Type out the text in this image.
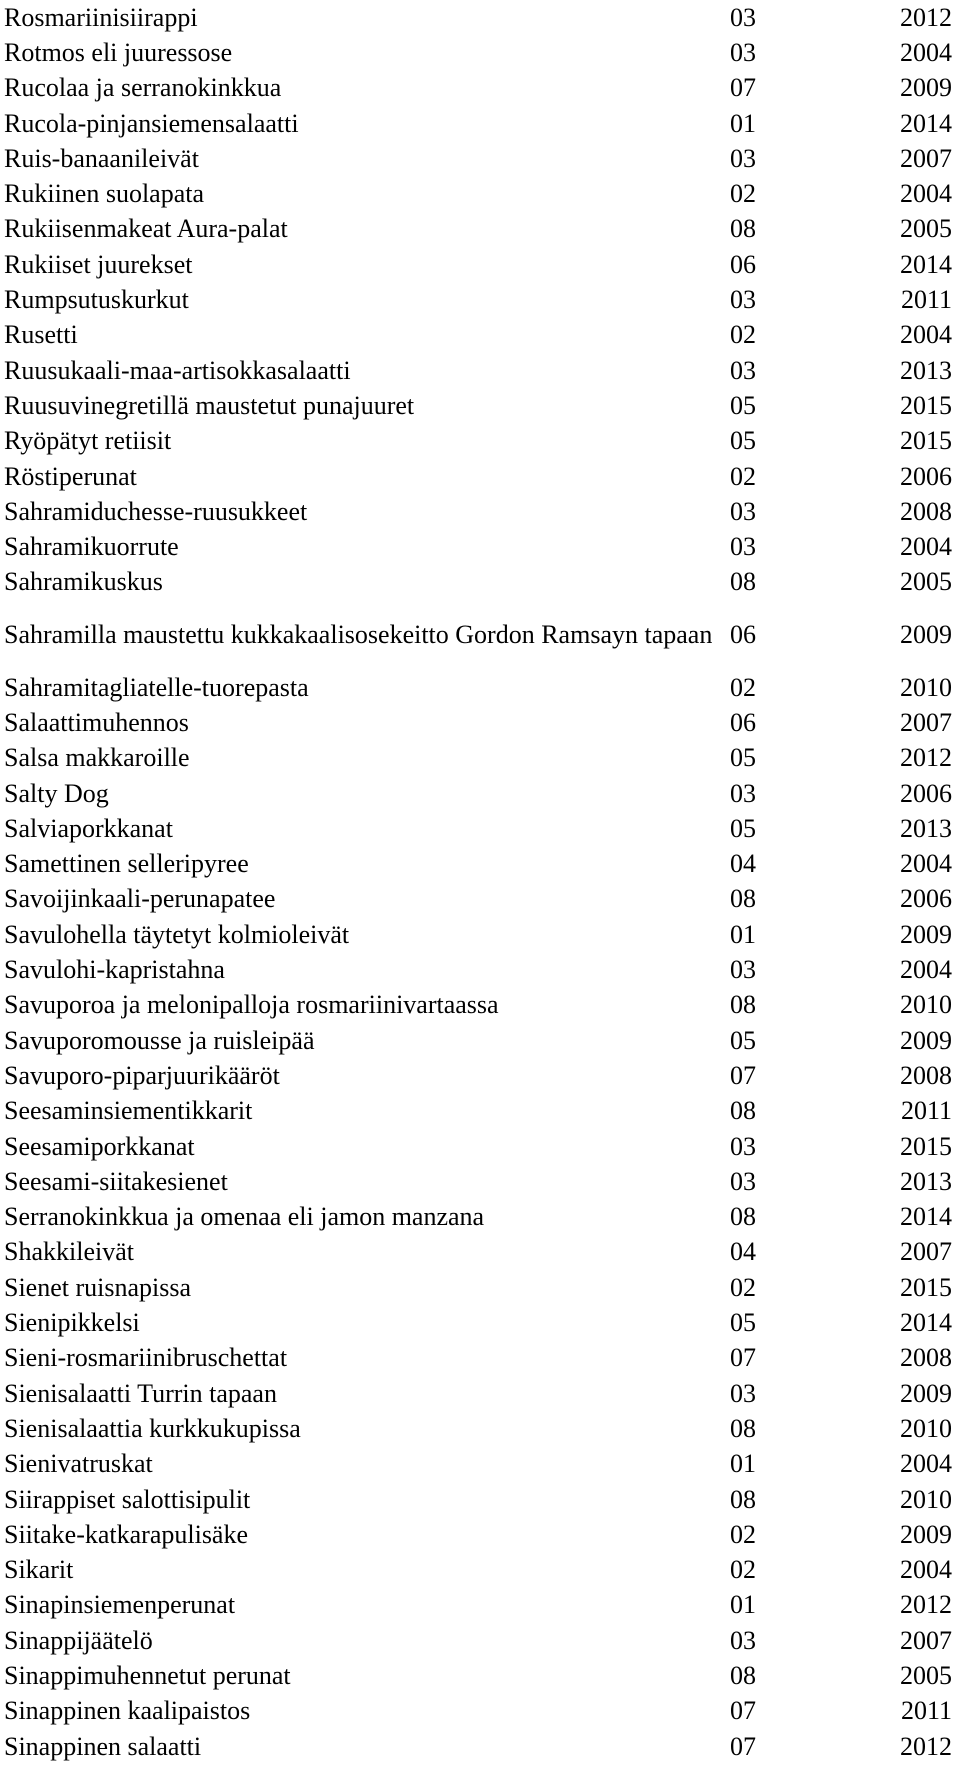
Rosmariinisiirappi	03	2012
Rotmos eli juuressose	03	2004
Rucolaa ja serranokinkkua	07	2009
Rucola-pinjansiemensalaatti	01	2014
Ruis-banaanileivät	03	2007
Rukiinen suolapata	02	2004
Rukiisenmakeat Aura-palat	08	2005
Rukiiset juurekset	06	2014
Rumpsutuskurkut	03	2011
Rusetti	02	2004
Ruusukaali-maa-artisokkasalaatti	03	2013
Ruusuvinegretillä maustetut punajuuret	05	2015
Ryöpätyt retiisit	05	2015
Röstiperunat	02	2006
Sahramiduchesse-ruusukkeet	03	2008
Sahramikuorrute	03	2004
Sahramikuskus	08	2005
Sahramilla maustettu kukkakaalisosekeitto Gordon Ramsayn tapaan	06	2009
Sahramitagliatelle-tuorepasta	02	2010
Salaattimuhennos	06	2007
Salsa makkaroille	05	2012
Salty Dog	03	2006
Salviaporkkanat	05	2013
Samettinen selleripyree	04	2004
Savoijinkaali-perunapatee	08	2006
Savulohella täytetyt kolmioleivät	01	2009
Savulohi-kapristahna	03	2004
Savuporoa ja melonipalloja rosmariinivartaassa	08	2010
Savuporomousse ja ruisleipää	05	2009
Savuporo-piparjuurikääröt	07	2008
Seesaminsiementikkarit	08	2011
Seesamiporkkanat	03	2015
Seesami-siitakesienet	03	2013
Serranokinkkua ja omenaa eli jamon manzana	08	2014
Shakkileivät	04	2007
Sienet ruisnapissa	02	2015
Sienipikkelsi	05	2014
Sieni-rosmariinibruschettat	07	2008
Sienisalaatti Turrin tapaan	03	2009
Sienisalaattia kurkkukupissa	08	2010
Sienivatruskat	01	2004
Siirappiset salottisipulit	08	2010
Siitake-katkarapulisäke	02	2009
Sikarit	02	2004
Sinapinsiemenperunat	01	2012
Sinappijäätelö	03	2007
Sinappimuhennetut perunat	08	2005
Sinappinen kaalipaistos	07	2011
Sinappinen salaatti	07	2012
